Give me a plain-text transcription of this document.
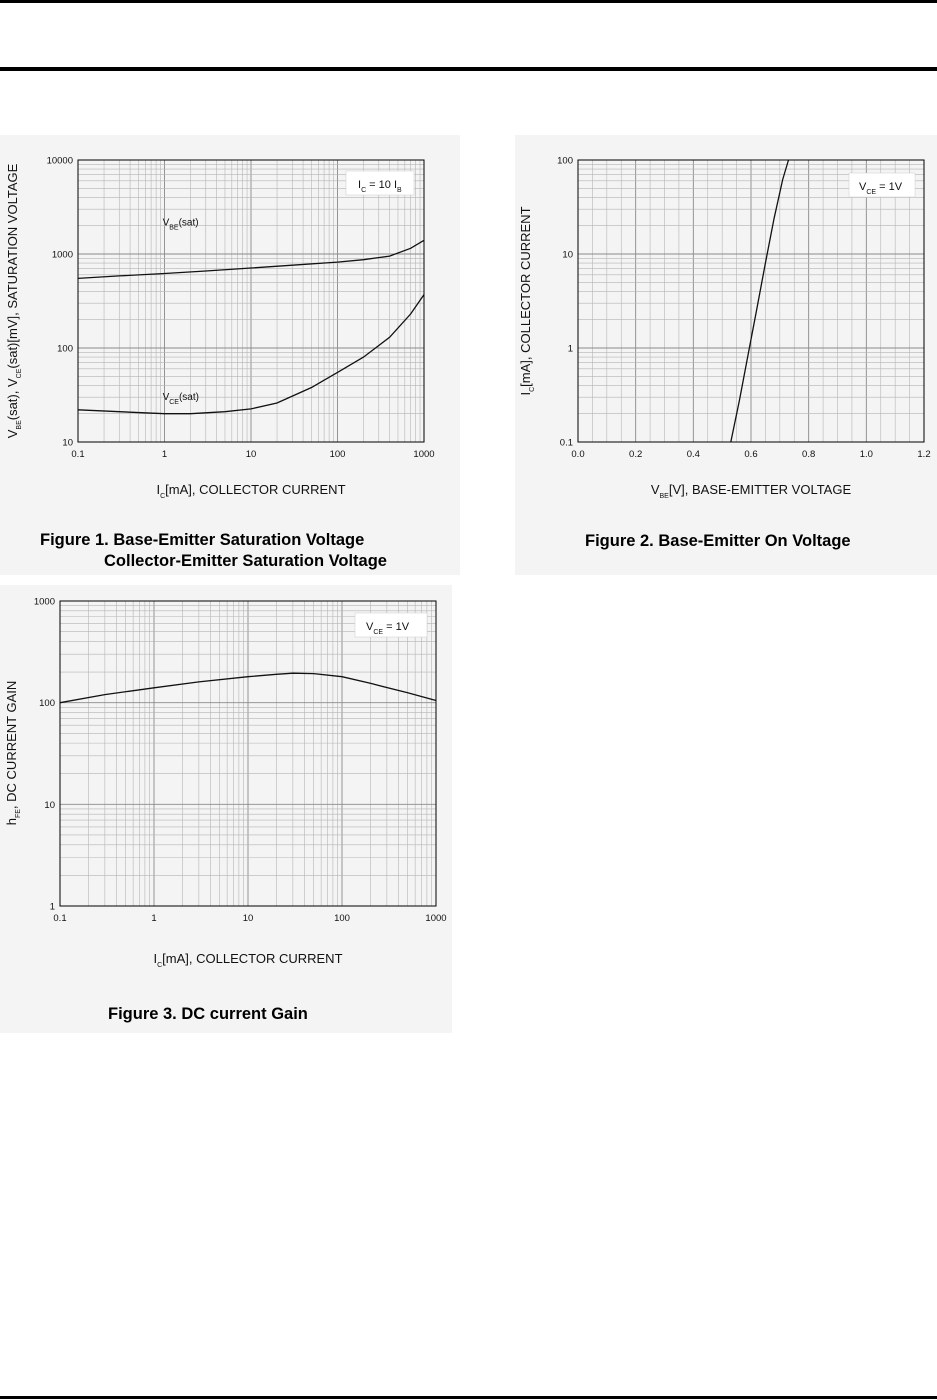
$V_{BE}(sat)$
$V_{CE}(sat)$
0.1	1	10	100	1000
10
100
1000
10000
$I_C = 10$ $I_B$
$I_C[mA]$, COLLECTOR CURRENT
$V_{BE}(sat)$, $V_{CE}(sat)[mV]$, SATURATION VOLTAGE
Figure 1. Base-Emitter Saturation Voltage
Collector-Emitter Saturation Voltage
0.0	0.2	0.4	0.6	0.8	1.0	1.2
0.1
1
10
100
$V_{CE} = 1V$
$V_{BE}[V]$, BASE-EMITTER VOLTAGE
$I_C[mA]$, COLLECTOR CURRENT
Figure 2. Base-Emitter On Voltage
0.1	1	10	100	1000
1
10
100
1000
$V_{CE} = 1V$
$I_C[mA]$, COLLECTOR CURRENT
$h_{FE}$, DC CURRENT GAIN
Figure 3. DC current Gain
